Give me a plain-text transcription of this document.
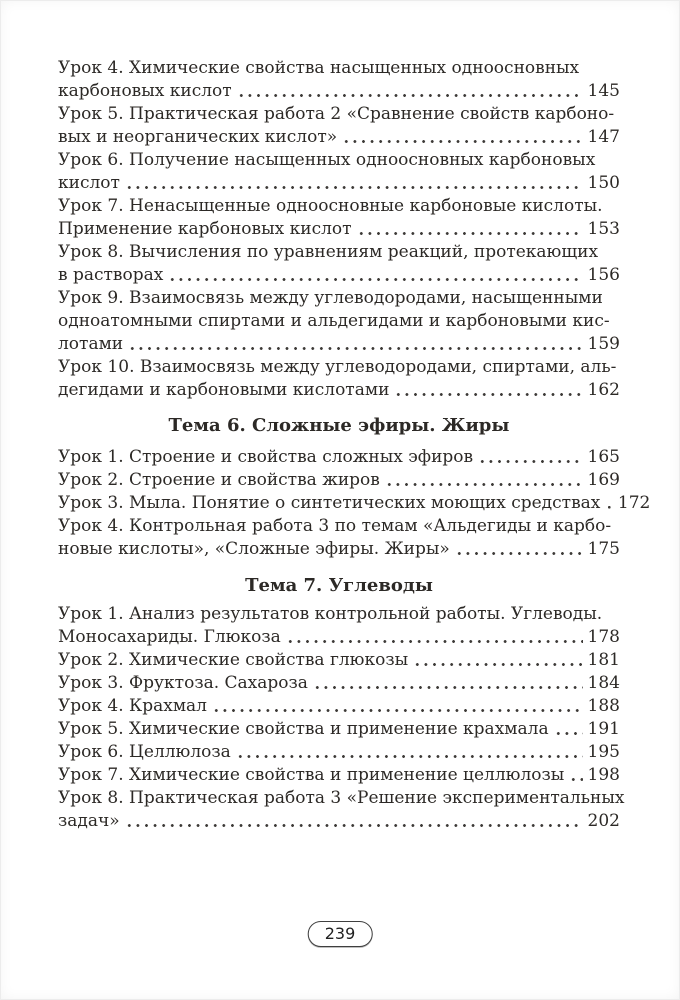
Урок 4. Химические свойства насыщенных одноосновных
карбоновых кислот	145
Урок 5. Практическая работа 2 «Сравнение свойств карбоно-
вых и неорганических кислот»	147
Урок 6. Получение насыщенных одноосновных карбоновых
кислот	150
Урок 7. Ненасыщенные одноосновные карбоновые кислоты.
Применение карбоновых кислот	153
Урок 8. Вычисления по уравнениям реакций, протекающих
в растворах	156
Урок 9. Взаимосвязь между углеводородами, насыщенными
одноатомными спиртами и альдегидами и карбоновыми кис-
лотами	159
Урок 10. Взаимосвязь между углеводородами, спиртами, аль-
дегидами и карбоновыми кислотами	162
Тема 6. Сложные эфиры. Жиры
Урок 1. Строение и свойства сложных эфиров	165
Урок 2. Строение и свойства жиров	169
Урок 3. Мыла. Понятие о синтетических моющих средствах 172
Урок 4. Контрольная работа 3 по темам «Альдегиды и карбо-
новые кислоты», «Сложные эфиры. Жиры»	175
Тема 7. Углеводы
Урок 1. Анализ результатов контрольной работы. Углеводы.
Моносахариды. Глюкоза	178
Урок 2. Химические свойства глюкозы	181
Урок 3. Фруктоза. Сахароза	184
Урок 4. Крахмал	188
Урок 5. Химические свойства и применение крахмала 191
Урок 6. Целлюлоза	195
Урок 7. Химические свойства и применение целлюлозы 198
Урок 8. Практическая работа 3 «Решение экспериментальных
задач»	202
239
